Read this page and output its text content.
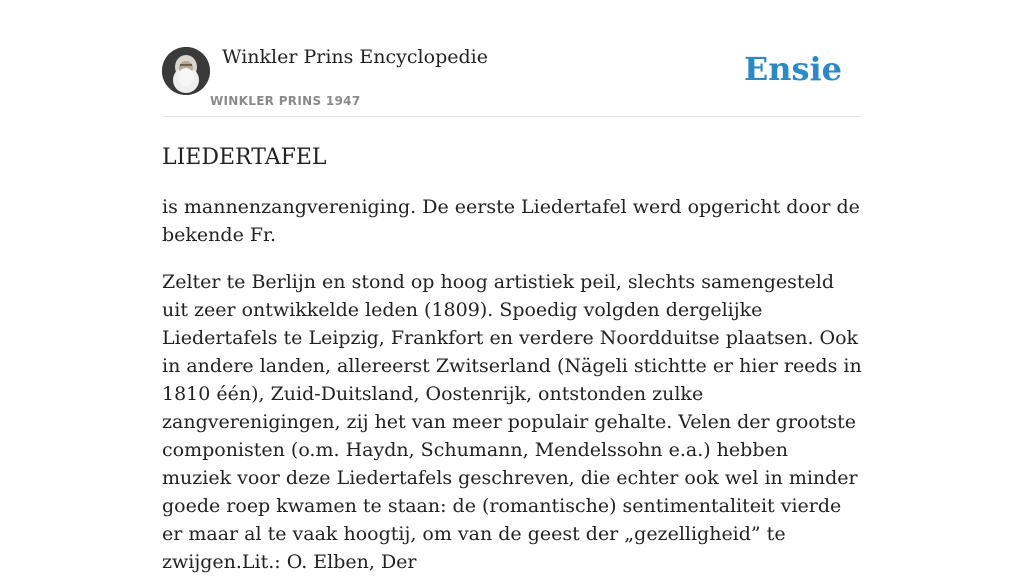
Winkler Prins Encyclopedie
WINKLER PRINS 1947
Ensie
LIEDERTAFEL

is mannenzangvereniging. De eerste Liedertafel werd opgericht door de bekende Fr.

Zelter te Berlijn en stond op hoog artistiek peil, slechts samengesteld uit zeer ontwikkelde leden (1809). Spoedig volgden dergelijke Liedertafels te Leipzig, Frankfort en verdere Noordduitse plaatsen. Ook in andere landen, allereerst Zwitserland (Nägeli stichtte er hier reeds in 1810 één), Zuid-Duitsland, Oostenrijk, ontstonden zulke zangverenigingen, zij het van meer populair gehalte. Velen der grootste componisten (o.m. Haydn, Schumann, Mendelssohn e.a.) hebben muziek voor deze Liedertafels geschreven, die echter ook wel in minder goede roep kwamen te staan: de (romantische) sentimentaliteit vierde er maar al te vaak hoogtij, om van de geest der „gezelligheid” te zwijgen.Lit.: O. Elben, Der
